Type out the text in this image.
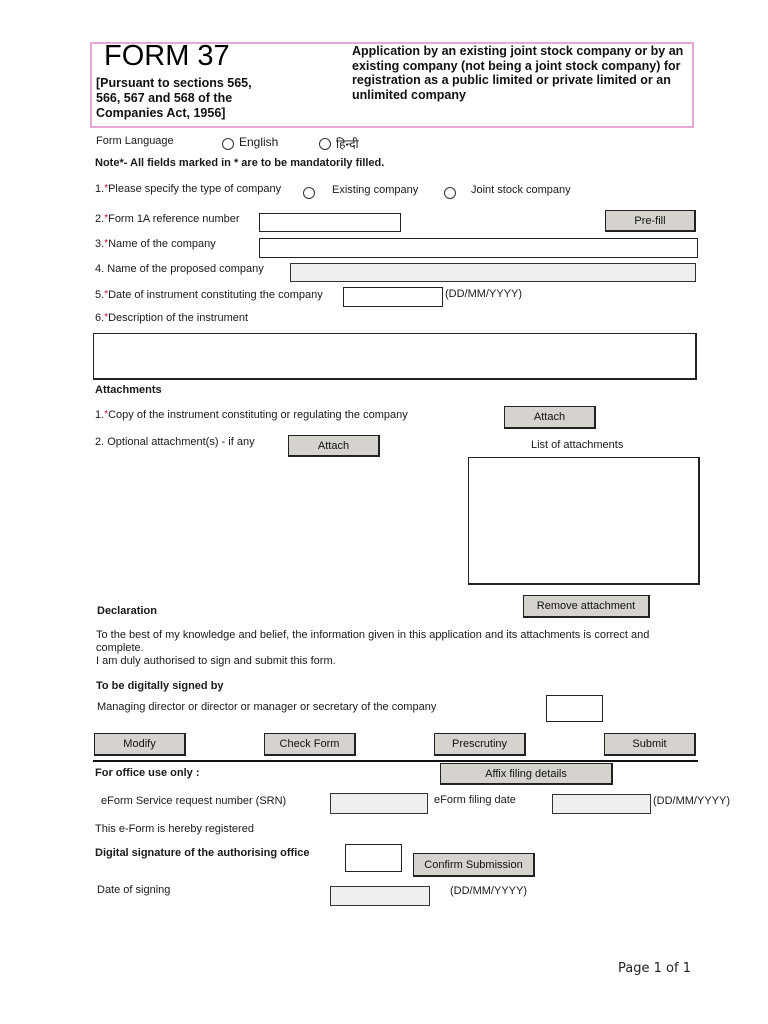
FORM 37
[Pursuant to sections 565, 566, 567 and 568 of the Companies Act, 1956]
Application by an existing joint stock company or by an existing company (not being a joint stock company) for registration as a public limited or private limited or an unlimited company
Form Language	English	हिन्दी
Note*- All fields marked in * are to be mandatorily filled.
1.*Please specify the type of company	Existing company	Joint stock company
2.*Form 1A reference number	Pre-fill
3.*Name of the company
4. Name of the proposed company
5.*Date of instrument constituting the company	(DD/MM/YYYY)
6.*Description of the instrument
Attachments
1.*Copy of the instrument constituting or regulating the company	Attach
2. Optional attachment(s) - if any	Attach	List of attachments
Remove attachment
Declaration
To the best of my knowledge and belief, the information given in this application and its attachments is correct and
complete.
I am duly authorised to sign and submit this form.
To be digitally signed by
Managing director or director or manager or secretary of the company
Modify	Check Form	Prescrutiny	Submit
For office use only :	Affix filing details
eForm Service request number (SRN)	eForm filing date	(DD/MM/YYYY)
This e-Form is hereby registered
Digital signature of the authorising office
Confirm Submission
Date of signing	(DD/MM/YYYY)
Page 1 of 1
